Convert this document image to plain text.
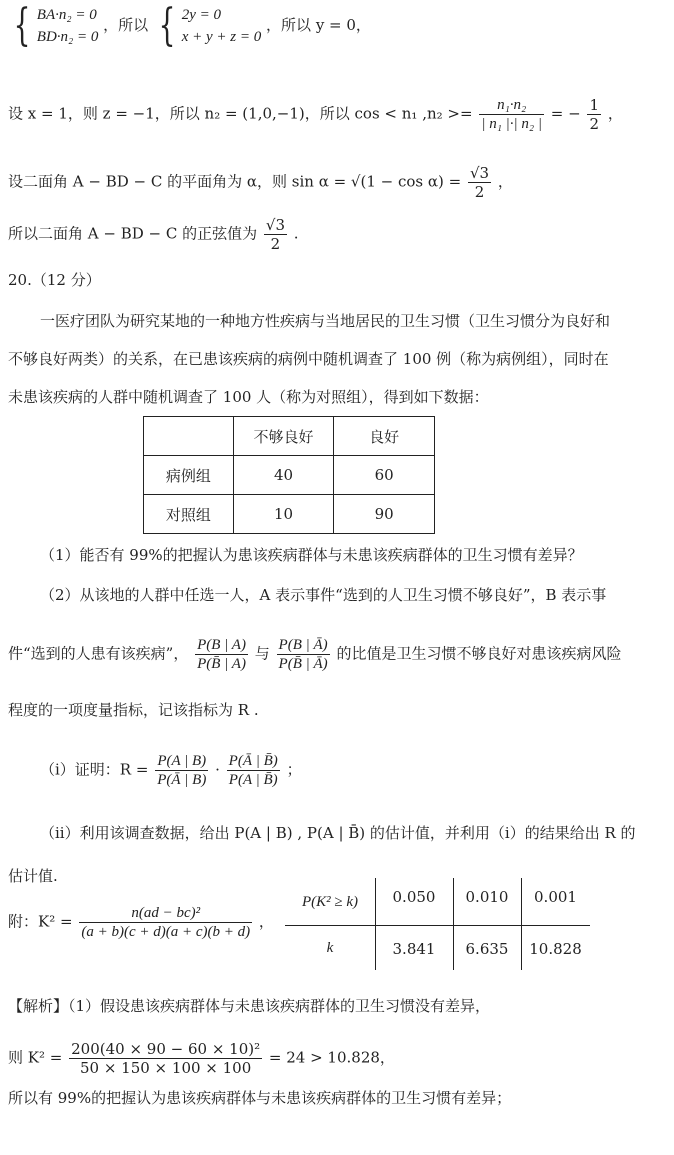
{ BA·n₂ = 0
BD·n₂ = 0
，所以 { 2y = 0
x + y + z = 0
，所以 y = 0，
设 x = 1，则 z = −1，所以 n₂ = (1,0,−1)，所以 cos < n₁ $,n_2 >= \frac{\text{n₁·n₂}}{\text{| n₁ |·| n₂ |}}$ = − $\frac{1}{2}$ ，
设二面角 A − BD − C 的平面角为 α，则 $\sin \alpha = √(1 - \cos \alpha) = \frac{√3}{2}$ ，
所以二面角 A − BD − C 的正弦值为 $\frac{√3}{2}$ .
20.（12 分）
一医疗团队为研究某地的一种地方性疾病与当地居民的卫生习惯（卫生习惯分为良好和
不够良好两类）的关系，在已患该疾病的病例中随机调查了 100 例（称为病例组），同时在
未患该疾病的人群中随机调查了 100 人（称为对照组），得到如下数据：
	不够良好	良好
病例组	40	60
对照组	10	90
（1）能否有 99%的把握认为患该疾病群体与未患该疾病群体的卫生习惯有差异？
（2）从该地的人群中任选一人，A 表示事件“选到的人卫生习惯不够良好”，B 表示事
件“选到的人患有该疾病”， $\frac{P(B | A)}{P(B̄ | A)}$ 与 $\frac{P(B | Ā)}{P(B̄ | Ā)}$ 的比值是卫生习惯不够良好对患该疾病风险
程度的一项度量指标，记该指标为 R .
（i）证明：$R = \frac{P(A | B)}{P(Ā | B)} \cdot \frac{P(Ā | B̄)}{P(A | B̄)}$ ；
（ii）利用该调查数据，给出 P(A | B) , P(A | B̄) 的估计值，并利用（i）的结果给出 R 的
估计值.
附：$K^2 = \frac{\text{n(ad − bc)²}}{(a + b)(c + d)(a + c)(b + d)}$ ，
P(K² ≥ k)	0.050	0.010	0.001
k	3.841	6.635	10.828
【解析】（1）假设患该疾病群体与未患该疾病群体的卫生习惯没有差异，
则 $K^2 = \frac{\text{200(40 × 90 − 60 × 10)²}}{50 \times 150 \times 100 \times 100} = 24 > 10.828$，
所以有 99%的把握认为患该疾病群体与未患该疾病群体的卫生习惯有差异；
